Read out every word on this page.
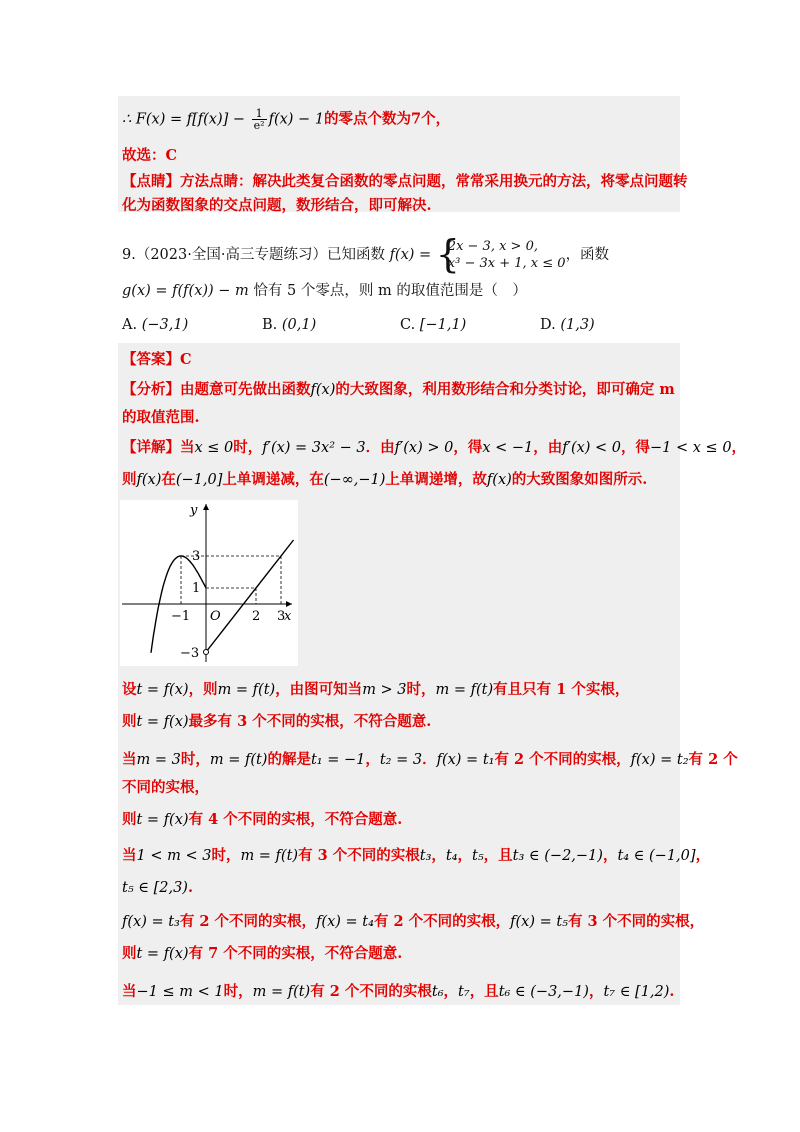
∴ $F(x) = f[f(x)] - \frac{1}{\text{e²}} f(x) - 1$的零点个数为7个，
故选：C
【点睛】方法点睛：解决此类复合函数的零点问题，常常采用换元的方法，将零点问题转
化为函数图象的交点问题，数形结合，即可解决.
9.（2023·全国·高三专题练习）已知函数 f(x) = {
2x − 3, x > 0,
x³ − 3x + 1, x ≤ 0
，函数
g(x) = f(f(x)) − m 恰有 5 个零点，则 m 的取值范围是（　）
A. (−3,1)	B. (0,1)	C. [−1,1)	D. (1,3)
【答案】C
【分析】由题意可先做出函数f(x)的大致图象，利用数形结合和分类讨论，即可确定 m
的取值范围.
【详解】当x ≤ 0时，f′(x) = 3x² − 3．由f′(x) > 0，得x < −1，由f′(x) < 0，得−1 < x ≤ 0，
则f(x)在(−1,0]上单调递减，在(−∞,−1)上单调递增，故f(x)的大致图象如图所示.
y
x
O
3
1
−3
−1	2 3
设t = f(x)，则m = f(t)，由图可知当m > 3时，m = f(t)有且只有 1 个实根，
则t = f(x)最多有 3 个不同的实根，不符合题意.
当m = 3时，m = f(t)的解是t₁ = −1，t₂ = 3．f(x) = t₁有 2 个不同的实根，f(x) = t₂有 2 个
不同的实根，
则t = f(x)有 4 个不同的实根，不符合题意.
当1 < m < 3时，m = f(t)有 3 个不同的实根t₃，t₄，t₅，且t₃ ∈ (−2,−1)，t₄ ∈ (−1,0]，
t₅ ∈ [2,3).
f(x) = t₃有 2 个不同的实根，f(x) = t₄有 2 个不同的实根，f(x) = t₅有 3 个不同的实根，
则t = f(x)有 7 个不同的实根，不符合题意.
当−1 ≤ m < 1时，m = f(t)有 2 个不同的实根t₆，t₇，且t₆ ∈ (−3,−1)，t₇ ∈ [1,2).
